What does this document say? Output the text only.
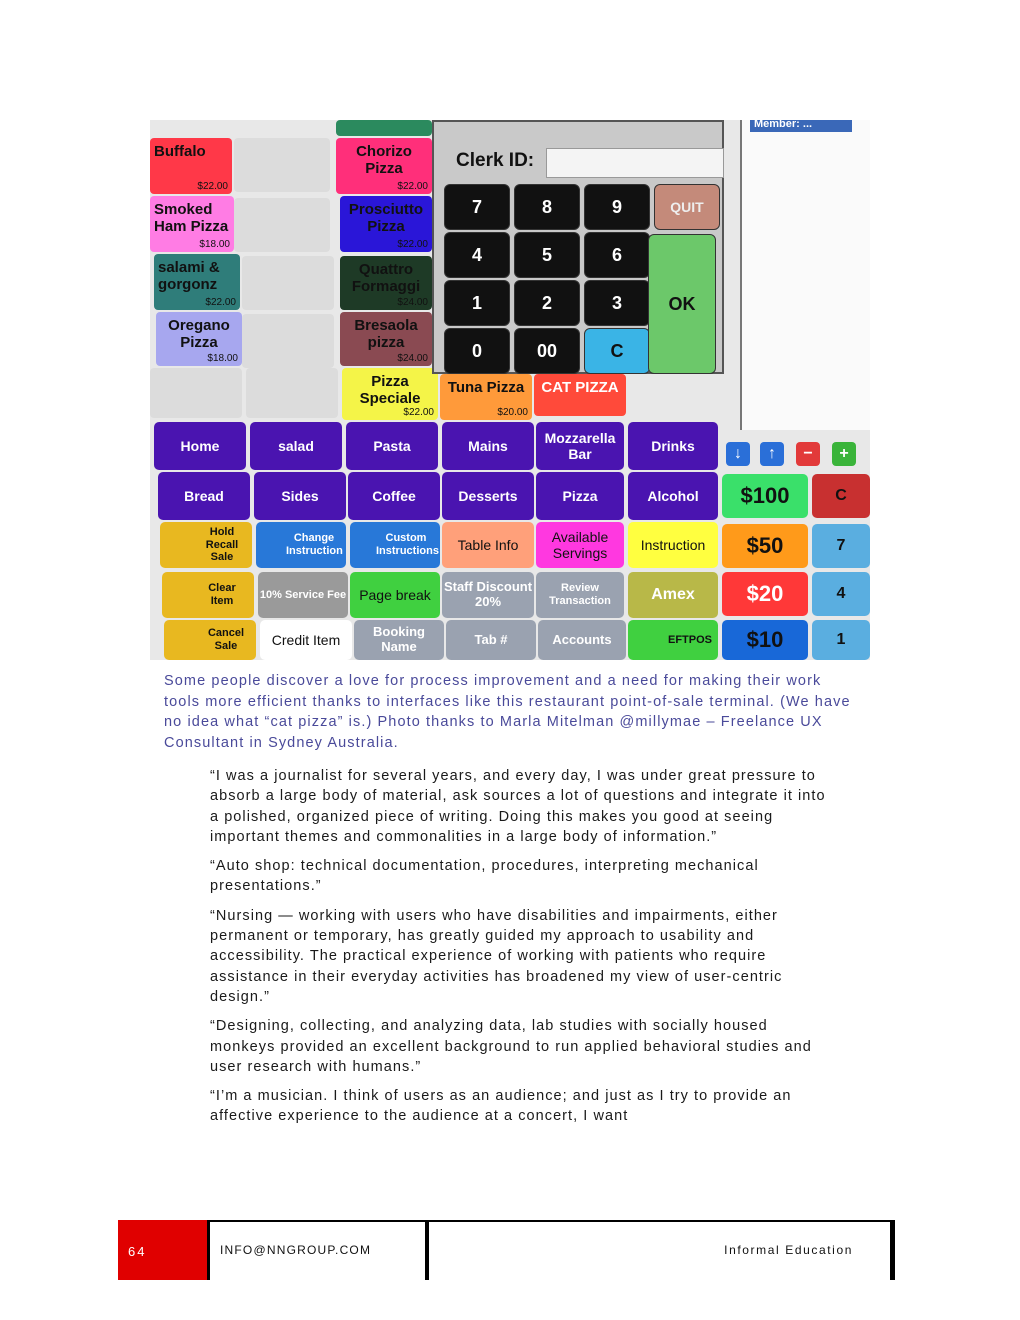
Buffalo
$22.00
Smoked Ham Pizza
$18.00
salami & gorgonz
$22.00
Oregano Pizza
$18.00
Chorizo Pizza
$22.00
Prosciutto Pizza
$22.00
Quattro Formaggi
$24.00
Bresaola pizza
$24.00
Pizza Speciale
$22.00
Tuna Pizza
$20.00
CAT PIZZA
Clerk ID:
7	8	9
4	5	6
1	2	3
0	00	C
QUIT
OK
Member: ...
↓	↑	−	+
Home	salad	Pasta	Mains
Mozzarella Bar
Drinks
Bread	Sides	Coffee	Desserts	Pizza	Alcohol
Hold Recall Sale
Change Instruction
Custom Instructions	Table Info
Available Servings
Instruction
Clear Item
10% Service Fee Page break
Staff Discount 20%
Review Transaction	Amex
Cancel Sale	Credit Item
Booking Name	Tab #	Accounts	EFTPOS
$100
$50
$20
$10
C
7
4
1
Some people discover a love for process improvement and a need for making their work tools more efficient thanks to interfaces like this restaurant point-of-sale terminal. (We have no idea what “cat pizza” is.) Photo thanks to Marla Mitelman @millymae – Freelance UX Consultant in Sydney Australia.

“I was a journalist for several years, and every day, I was under great pressure to absorb a large body of material, ask sources a lot of questions and integrate it into a polished, organized piece of writing. Doing this makes you good at seeing important themes and commonalities in a large body of information.”

“Auto shop: technical documentation, procedures, interpreting mechanical presentations.”

“Nursing — working with users who have disabilities and impairments, either permanent or temporary, has greatly guided my approach to usability and accessibility. The practical experience of working with patients who require assistance in their everyday activities has broadened my view of user-centric design.”

“Designing, collecting, and analyzing data, lab studies with socially housed monkeys provided an excellent background to run applied behavioral studies and user research with humans.”

“I’m a musician. I think of users as an audience; and just as I try to provide an affective experience to the audience at a concert, I want

64	INFO@NNGROUP.COM	Informal Education
